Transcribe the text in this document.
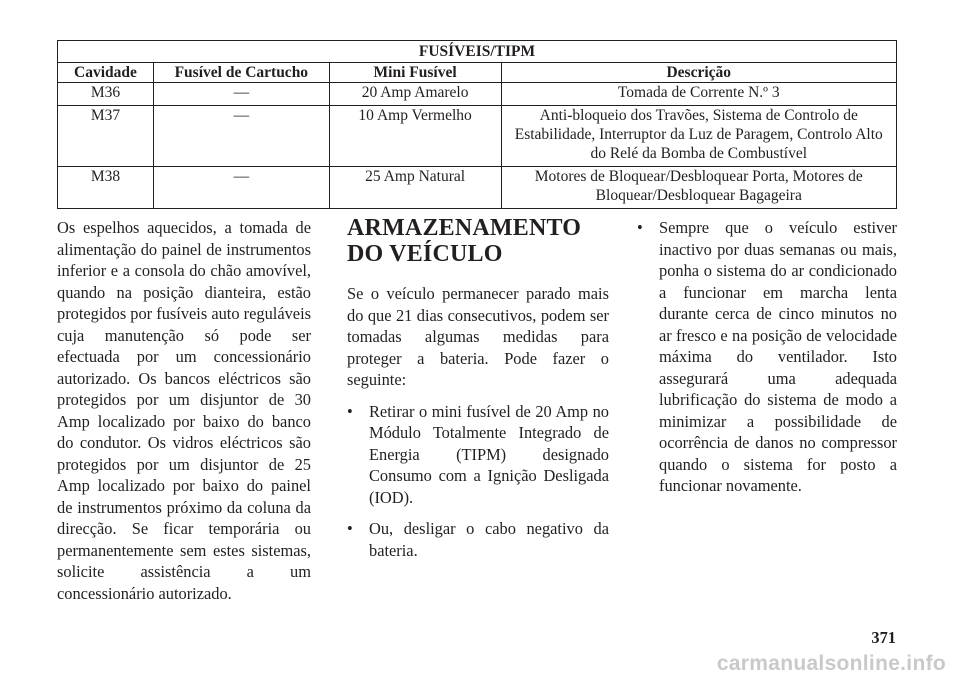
FUSÍVEIS/TIPM			
Cavidade	Fusível de Cartucho	Mini Fusível	Descrição
M36	—	20 Amp Amarelo	Tomada de Corrente N.º 3
M37	—	10 Amp Vermelho	Anti-bloqueio dos Travões, Sistema de Controlo de Estabilidade, Interruptor da Luz de Paragem, Controlo Alto do Relé da Bomba de Combustível
M38	—	25 Amp Natural	Motores de Bloquear/Desbloquear Porta, Motores de Bloquear/Desbloquear Bagageira

Os espelhos aquecidos, a tomada de alimentação do painel de instrumentos inferior e a consola do chão amovível, quando na posição dianteira, estão protegidos por fusíveis auto reguláveis cuja manutenção só pode ser efectuada por um concessionário autorizado. Os bancos eléctricos são protegidos por um disjuntor de 30 Amp localizado por baixo do banco do condutor. Os vidros eléctricos são protegidos por um disjuntor de 25 Amp localizado por baixo do painel de instrumentos próximo da coluna da direcção. Se ficar temporária ou permanentemente sem estes sistemas, solicite assistência a um concessionário autorizado.

ARMAZENAMENTO DO VEÍCULO

Se o veículo permanecer parado mais do que 21 dias consecutivos, podem ser tomadas algumas medidas para proteger a bateria. Pode fazer o seguinte:

• Retirar o mini fusível de 20 Amp no Módulo Totalmente Integrado de Energia (TIPM) designado Consumo com a Ignição Desligada (IOD).
• Ou, desligar o cabo negativo da bateria.
• Sempre que o veículo estiver inactivo por duas semanas ou mais, ponha o sistema do ar condicionado a funcionar em marcha lenta durante cerca de cinco minutos no ar fresco e na posição de velocidade máxima do ventilador. Isto assegurará uma adequada lubrificação do sistema de modo a minimizar a possibilidade de ocorrência de danos no compressor quando o sistema for posto a funcionar novamente.
371
carmanualsonline.info
